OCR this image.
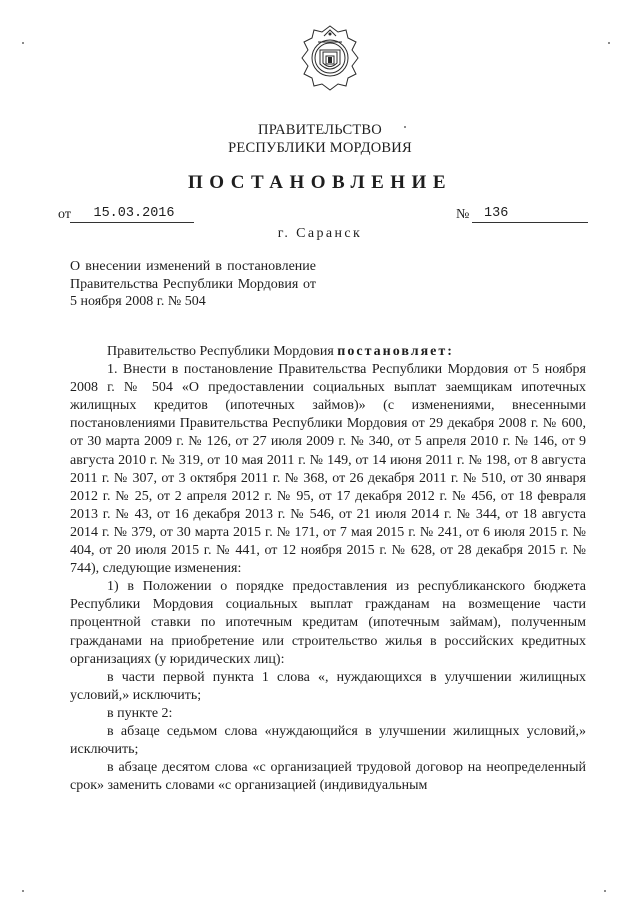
ПРАВИТЕЛЬСТВО
РЕСПУБЛИКИ МОРДОВИЯ
ПОСТАНОВЛЕНИЕ
от	15.03.2016	№ 136
г. Саранск
О внесении изменений в постановление Правительства Республики Мордовия от 5 ноября 2008 г. № 504

Правительство Республики Мордовия постановляет:

1. Внести в постановление Правительства Республики Мордовия от 5 ноября 2008 г. № 504 «О предоставлении социальных выплат заемщикам ипотечных жилищных кредитов (ипотечных займов)» (с изменениями, внесенными постановлениями Правительства Республики Мордовия от 29 декабря 2008 г. № 600, от 30 марта 2009 г. № 126, от 27 июля 2009 г. № 340, от 5 апреля 2010 г. № 146, от 9 августа 2010 г. № 319, от 10 мая 2011 г. № 149, от 14 июня 2011 г. № 198, от 8 августа 2011 г. № 307, от 3 октября 2011 г. № 368, от 26 декабря 2011 г. № 510, от 30 января 2012 г. № 25, от 2 апреля 2012 г. № 95, от 17 декабря 2012 г. № 456, от 18 февраля 2013 г. № 43, от 16 декабря 2013 г. № 546, от 21 июля 2014 г. № 344, от 18 августа 2014 г. № 379, от 30 марта 2015 г. № 171, от 7 мая 2015 г. № 241, от 6 июля 2015 г. № 404, от 20 июля 2015 г. № 441, от 12 ноября 2015 г. № 628, от 28 декабря 2015 г. № 744), следующие изменения:

1) в Положении о порядке предоставления из республиканского бюджета Республики Мордовия социальных выплат гражданам на возмещение части процентной ставки по ипотечным кредитам (ипотечным займам), полученным гражданами на приобретение или строительство жилья в российских кредитных организациях (у юридических лиц):

в части первой пункта 1 слова «, нуждающихся в улучшении жилищных условий,» исключить;

в пункте 2:

в абзаце седьмом слова «нуждающийся в улучшении жилищных условий,» исключить;

в абзаце десятом слова «с организацией трудовой договор на неопределенный срок» заменить словами «с организацией (индивидуальным
